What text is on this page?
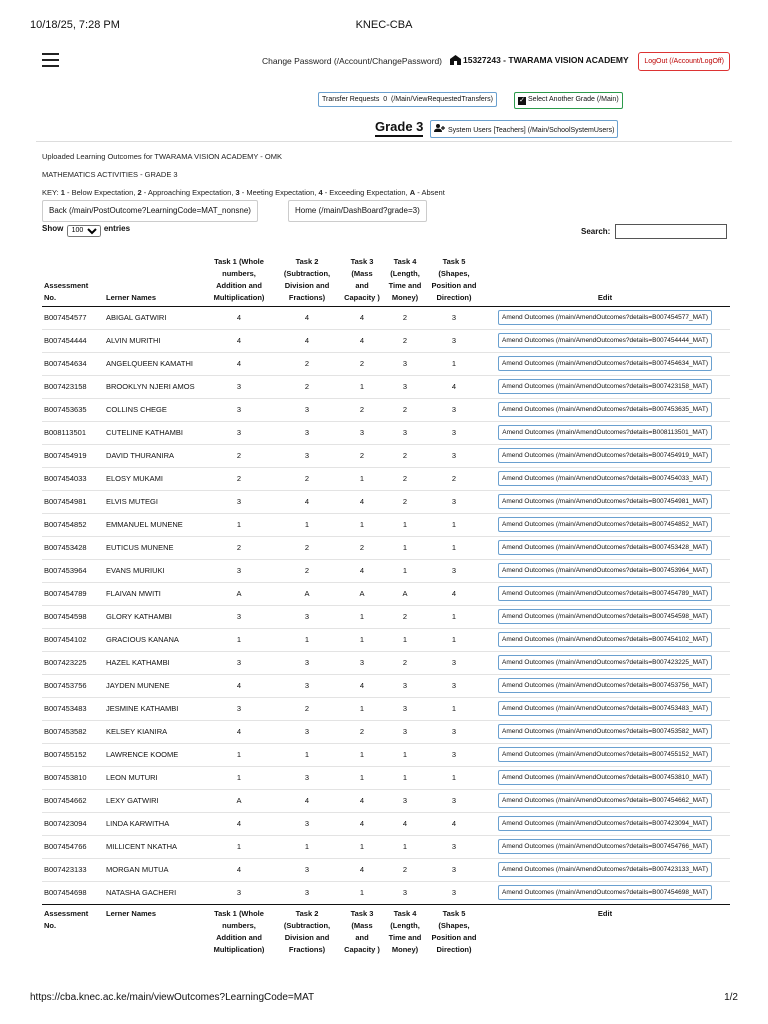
10/18/25, 7:28 PM	KNEC-CBA
Change Password (/Account/ChangePassword)	15327243 - TWARAMA VISION ACADEMY	LogOut (/Account/LogOff)
Transfer Requests 0 (/Main/ViewRequestedTransfers)	✓ Select Another Grade (/Main)
Grade 3	System Users [Teachers] (/Main/SchoolSystemUsers)
Uploaded Learning Outcomes for TWARAMA VISION ACADEMY - OMK
MATHEMATICS ACTIVITIES - GRADE 3
KEY: 1 - Below Expectation, 2 - Approaching Expectation, 3 - Meeting Expectation, 4 - Exceeding Expectation, A - Absent
Back (/main/PostOutcome?LearningCode=MAT_nonsne)	Home (/main/DashBoard?grade=3)
Show
100	entries	Search:
Assessment No.	Lerner Names	Task 1 (Whole numbers, Addition and Multiplication)	Task 2 (Subtraction, Division and Fractions)	Task 3 (Mass and Capacity )	Task 4 (Length, Time and Money)	Task 5 (Shapes, Position and Direction)	Edit
B007454577	ABIGAL GATWIRI	4	4	4	2	3	Amend Outcomes (/main/AmendOutcomes?details=B007454577_MAT)
B007454444	ALVIN MURITHI	4	4	4	2	3	Amend Outcomes (/main/AmendOutcomes?details=B007454444_MAT)
B007454634	ANGELQUEEN KAMATHI	4	2	2	3	1	Amend Outcomes (/main/AmendOutcomes?details=B007454634_MAT)
B007423158	BROOKLYN NJERI AMOS	3	2	1	3	4	Amend Outcomes (/main/AmendOutcomes?details=B007423158_MAT)
B007453635	COLLINS CHEGE	3	3	2	2	3	Amend Outcomes (/main/AmendOutcomes?details=B007453635_MAT)
B008113501	CUTELINE KATHAMBI	3	3	3	3	3	Amend Outcomes (/main/AmendOutcomes?details=B008113501_MAT)
B007454919	DAVID THURANIRA	2	3	2	2	3	Amend Outcomes (/main/AmendOutcomes?details=B007454919_MAT)
B007454033	ELOSY MUKAMI	2	2	1	2	2	Amend Outcomes (/main/AmendOutcomes?details=B007454033_MAT)
B007454981	ELVIS MUTEGI	3	4	4	2	3	Amend Outcomes (/main/AmendOutcomes?details=B007454981_MAT)
B007454852	EMMANUEL MUNENE	1	1	1	1	1	Amend Outcomes (/main/AmendOutcomes?details=B007454852_MAT)
B007453428	EUTICUS MUNENE	2	2	2	1	1	Amend Outcomes (/main/AmendOutcomes?details=B007453428_MAT)
B007453964	EVANS MURIUKI	3	2	4	1	3	Amend Outcomes (/main/AmendOutcomes?details=B007453964_MAT)
B007454789	FLAIVAN MWITI	A	A	A	A	4	Amend Outcomes (/main/AmendOutcomes?details=B007454789_MAT)
B007454598	GLORY KATHAMBI	3	3	1	2	1	Amend Outcomes (/main/AmendOutcomes?details=B007454598_MAT)
B007454102	GRACIOUS KANANA	1	1	1	1	1	Amend Outcomes (/main/AmendOutcomes?details=B007454102_MAT)
B007423225	HAZEL KATHAMBI	3	3	3	2	3	Amend Outcomes (/main/AmendOutcomes?details=B007423225_MAT)
B007453756	JAYDEN MUNENE	4	3	4	3	3	Amend Outcomes (/main/AmendOutcomes?details=B007453756_MAT)
B007453483	JESMINE KATHAMBI	3	2	1	3	1	Amend Outcomes (/main/AmendOutcomes?details=B007453483_MAT)
B007453582	KELSEY KIANIRA	4	3	2	3	3	Amend Outcomes (/main/AmendOutcomes?details=B007453582_MAT)
B007455152	LAWRENCE KOOME	1	1	1	1	3	Amend Outcomes (/main/AmendOutcomes?details=B007455152_MAT)
B007453810	LEON MUTURI	1	3	1	1	1	Amend Outcomes (/main/AmendOutcomes?details=B007453810_MAT)
B007454662	LEXY GATWIRI	A	4	4	3	3	Amend Outcomes (/main/AmendOutcomes?details=B007454662_MAT)
B007423094	LINDA KARWITHA	4	3	4	4	4	Amend Outcomes (/main/AmendOutcomes?details=B007423094_MAT)
B007454766	MILLICENT NKATHA	1	1	1	1	3	Amend Outcomes (/main/AmendOutcomes?details=B007454766_MAT)
B007423133	MORGAN MUTUA	4	3	4	2	3	Amend Outcomes (/main/AmendOutcomes?details=B007423133_MAT)
B007454698	NATASHA GACHERI	3	3	1	3	3	Amend Outcomes (/main/AmendOutcomes?details=B007454698_MAT)
Assessment No.	Lerner Names	Task 1 (Whole numbers, Addition and Multiplication)	Task 2 (Subtraction, Division and Fractions)	Task 3 (Mass and Capacity )	Task 4 (Length, Time and Money)	Task 5 (Shapes, Position and Direction)	Edit
https://cba.knec.ac.ke/main/viewOutcomes?LearningCode=MAT	1/2
